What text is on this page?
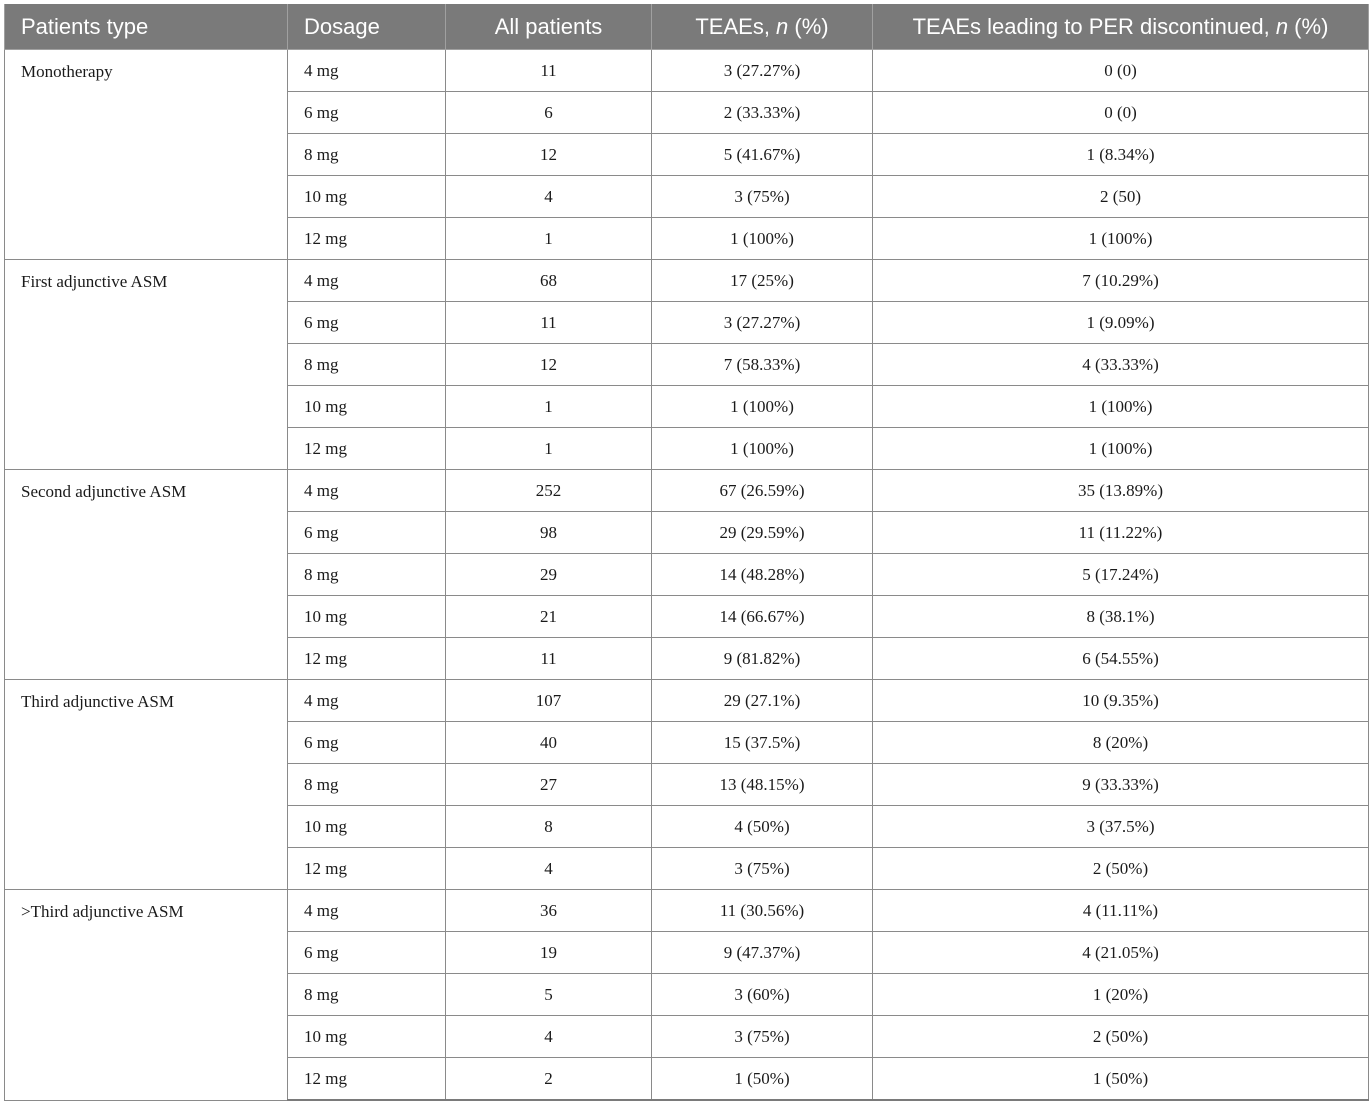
Patients type	Dosage	All patients	TEAEs, n (%)	TEAEs leading to PER discontinued, n (%)
Monotherapy	4 mg	11	3 (27.27%)	0 (0)
	6 mg	6	2 (33.33%)	0 (0)
	8 mg	12	5 (41.67%)	1 (8.34%)
	10 mg	4	3 (75%)	2 (50)
	12 mg	1	1 (100%)	1 (100%)
First adjunctive ASM	4 mg	68	17 (25%)	7 (10.29%)
	6 mg	11	3 (27.27%)	1 (9.09%)
	8 mg	12	7 (58.33%)	4 (33.33%)
	10 mg	1	1 (100%)	1 (100%)
	12 mg	1	1 (100%)	1 (100%)
Second adjunctive ASM	4 mg	252	67 (26.59%)	35 (13.89%)
	6 mg	98	29 (29.59%)	11 (11.22%)
	8 mg	29	14 (48.28%)	5 (17.24%)
	10 mg	21	14 (66.67%)	8 (38.1%)
	12 mg	11	9 (81.82%)	6 (54.55%)
Third adjunctive ASM	4 mg	107	29 (27.1%)	10 (9.35%)
	6 mg	40	15 (37.5%)	8 (20%)
	8 mg	27	13 (48.15%)	9 (33.33%)
	10 mg	8	4 (50%)	3 (37.5%)
	12 mg	4	3 (75%)	2 (50%)
>Third adjunctive ASM	4 mg	36	11 (30.56%)	4 (11.11%)
	6 mg	19	9 (47.37%)	4 (21.05%)
	8 mg	5	3 (60%)	1 (20%)
	10 mg	4	3 (75%)	2 (50%)
	12 mg	2	1 (50%)	1 (50%)
